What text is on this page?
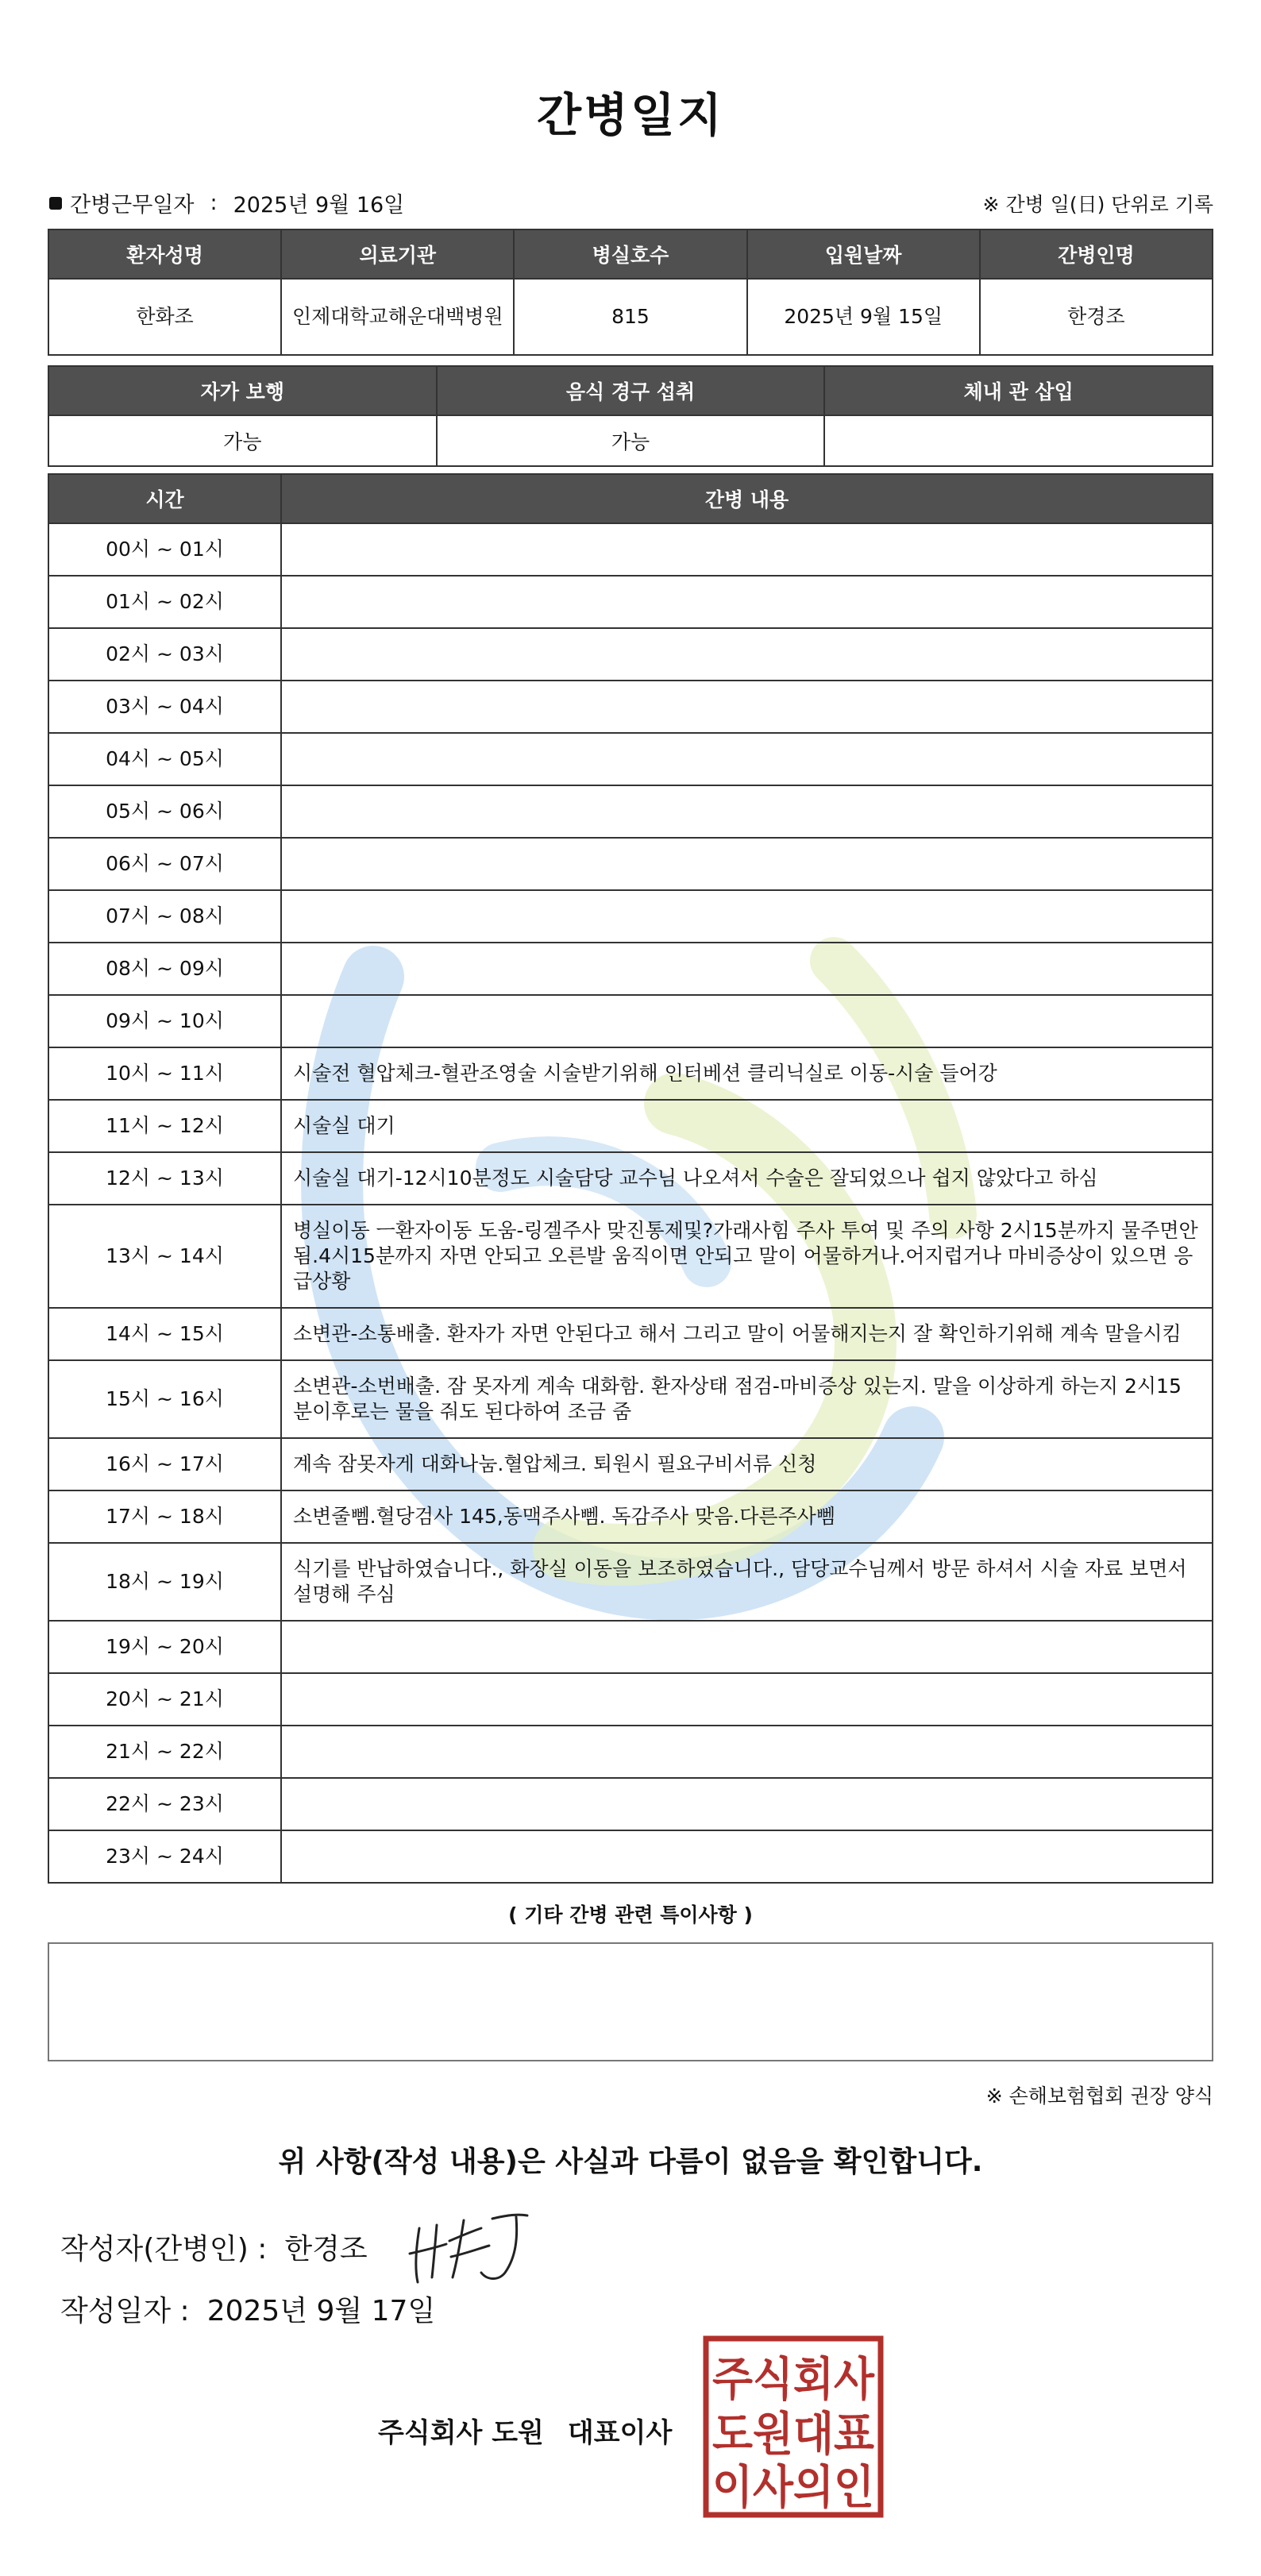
간병일지
간병근무일자 : 2025년 9월 16일	※ 간병 일(日) 단위로 기록
환자성명	의료기관	병실호수	입원날짜	간병인명
한화조	인제대학교해운대백병원	815	2025년 9월 15일	한경조
자가 보행	음식 경구 섭취	체내 관 삽입
가능	가능	
시간	간병 내용
00시 ~ 01시	
01시 ~ 02시	
02시 ~ 03시	
03시 ~ 04시	
04시 ~ 05시	
05시 ~ 06시	
06시 ~ 07시	
07시 ~ 08시	
08시 ~ 09시	
09시 ~ 10시	
10시 ~ 11시	시술전 혈압체크-혈관조영술 시술받기위해 인터베션 클리닉실로 이동-시술 들어강
11시 ~ 12시	시술실 대기
12시 ~ 13시	시술실 대기-12시10분정도 시술담당 교수님 나오셔서 수술은 잘되었으나 쉽지 않았다고 하심
13시 ~ 14시	병실이동 ㅡ환자이동 도움-링겔주사 맞진통제및?가래사힘 주사 투여 및 주의 사항 2시15분까지 물주면안됨.4시15분까지 자면 안되고 오른발 움직이면 안되고 말이 어물하거나.어지럽거나 마비증상이 있으면 응급상황
14시 ~ 15시	소변관-소통배출. 환자가 자면 안된다고 해서 그리고 말이 어물해지는지 잘 확인하기위해 계속 말을시킴
15시 ~ 16시	소변관-소번배출. 잠 못자게 계속 대화함. 환자상태 점검-마비증상 있는지. 말을 이상하게 하는지 2시15분이후로는 물을 줘도 된다하여 조금 줌
16시 ~ 17시	계속 잠못자게 대화나눔.혈압체크. 퇴원시 필요구비서류 신청
17시 ~ 18시	소변줄뻼.혈당검사 145,동맥주사뻼. 독감주사 맞음.다른주사뻼
18시 ~ 19시	식기를 반납하였습니다., 화장실 이동을 보조하였습니다., 담당교수님께서 방문 하셔서 시술 자료 보면서 설명해 주심
19시 ~ 20시	
20시 ~ 21시	
21시 ~ 22시	
22시 ~ 23시	
23시 ~ 24시	
( 기타 간병 관련 특이사항 )
※ 손해보험협회 권장 양식
위 사항(작성 내용)은 사실과 다름이 없음을 확인합니다.
작성자(간병인) : 한경조
작성일자 : 2025년 9월 17일
주식회사 도원 대표이사
주식회사
도원대표
이사의인
